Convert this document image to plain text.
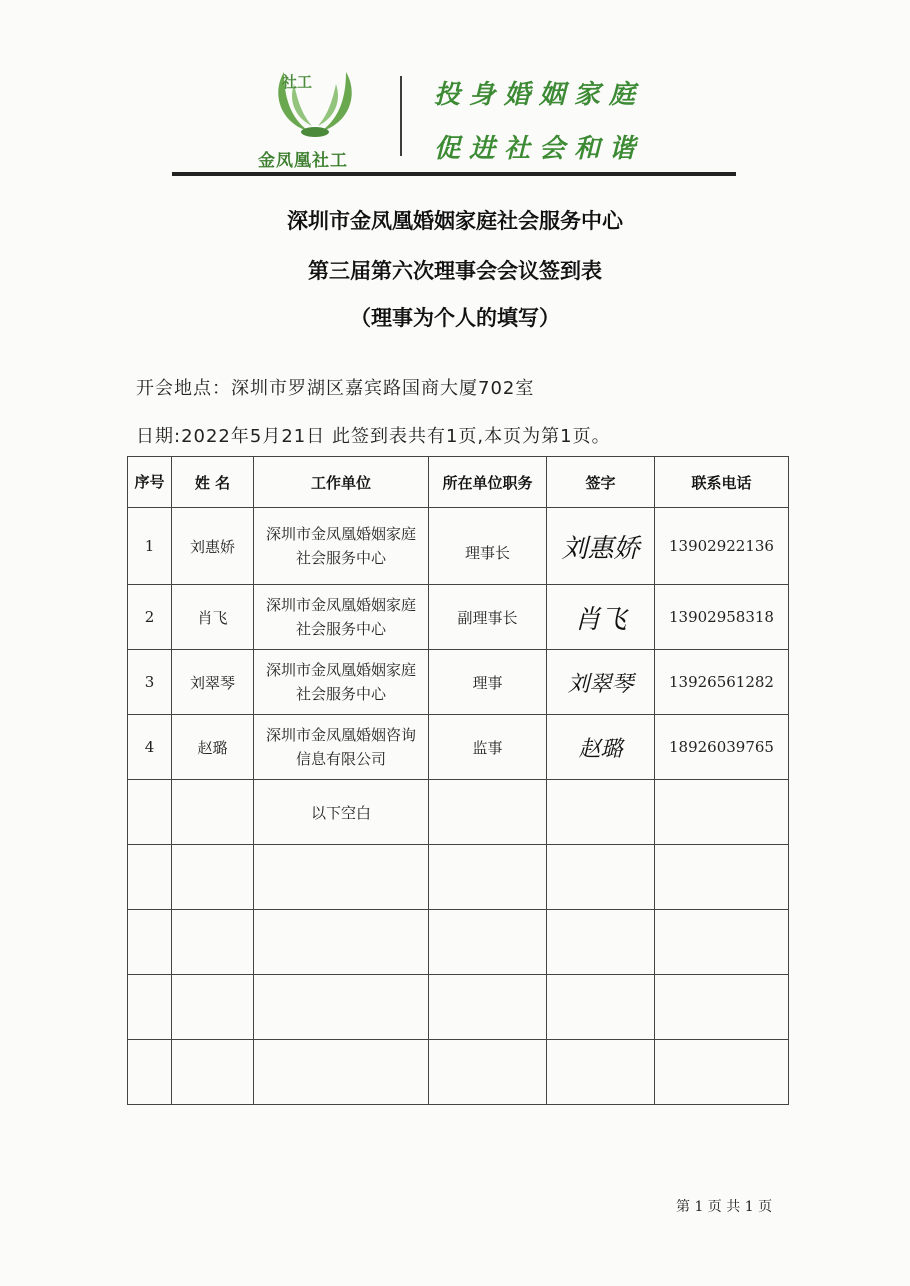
社工
金凤凰社工
投身婚姻家庭
促进社会和谐
深圳市金凤凰婚姻家庭社会服务中心
第三届第六次理事会会议签到表
（理事为个人的填写）
开会地点：深圳市罗湖区嘉宾路国商大厦702室
日期:2022年5月21日 此签到表共有1页,本页为第1页。
序号	姓 名	工作单位	所在单位职务	签字	联系电话
1	刘惠娇	深圳市金凤凰婚姻家庭社会服务中心	理事长	刘惠娇	13902922136
2	肖飞	深圳市金凤凰婚姻家庭社会服务中心	副理事长	肖飞	13902958318
3	刘翠琴	深圳市金凤凰婚姻家庭社会服务中心	理事	刘翠琴	13926561282
4	赵璐	深圳市金凤凰婚姻咨询信息有限公司	监事	赵璐	18926039765
		以下空白			

第 1 页 共 1 页
